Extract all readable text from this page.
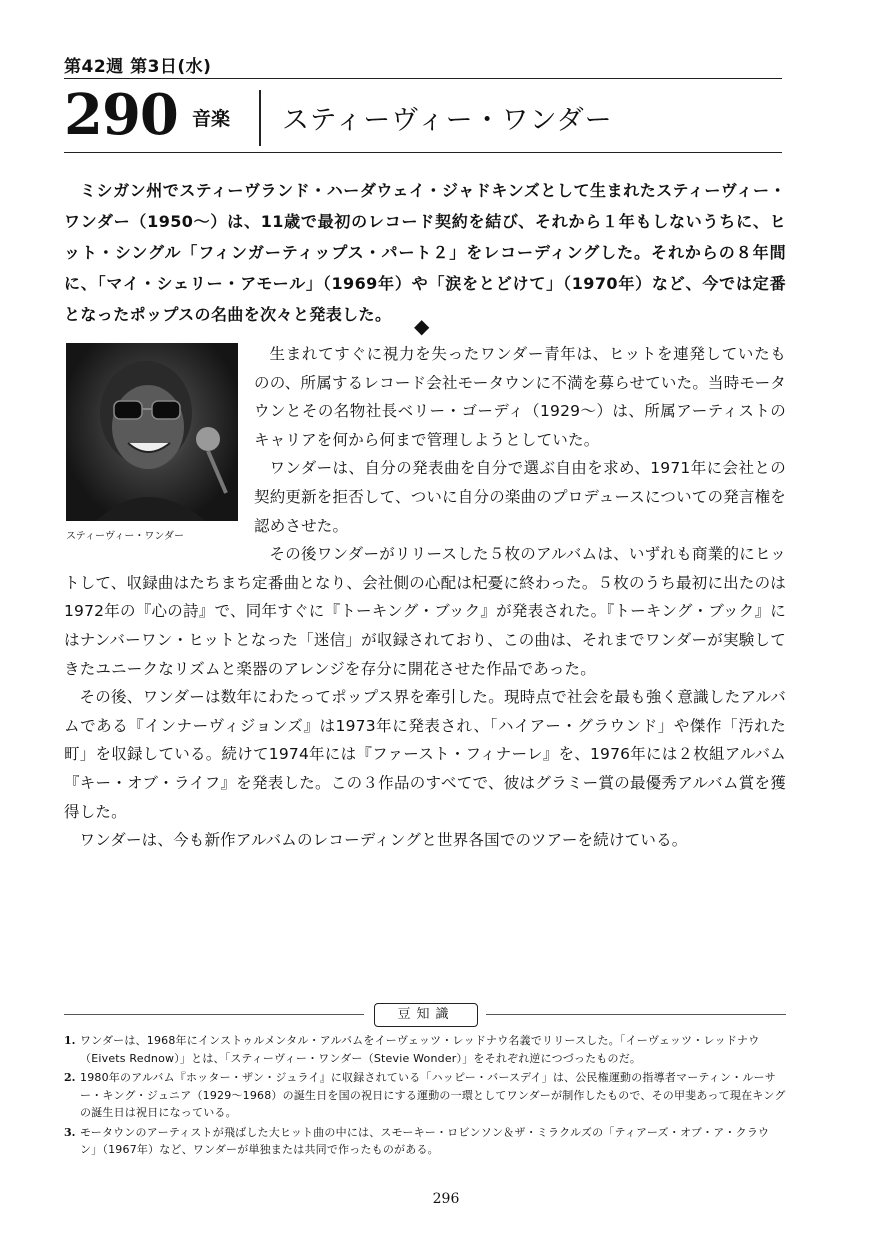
第42週 第3日(水)
290 音楽 スティーヴィー・ワンダー
ミシガン州でスティーヴランド・ハーダウェイ・ジャドキンズとして生まれたスティーヴィー・ワンダー（1950〜）は、11歳で最初のレコード契約を結び、それから１年もしないうちに、ヒット・シングル「フィンガーティップス・パート２」をレコーディングした。それからの８年間に、「マイ・シェリー・アモール」（1969年）や「涙をとどけて」（1970年）など、今では定番となったポップスの名曲を次々と発表した。	◆
スティーヴィー・ワンダー

生まれてすぐに視力を失ったワンダー青年は、ヒットを連発していたものの、所属するレコード会社モータウンに不満を募らせていた。当時モータウンとその名物社長ベリー・ゴーディ（1929〜）は、所属アーティストのキャリアを何から何まで管理しようとしていた。

ワンダーは、自分の発表曲を自分で選ぶ自由を求め、1971年に会社との契約更新を拒否して、ついに自分の楽曲のプロデュースについての発言権を認めさせた。

その後ワンダーがリリースした５枚のアルバムは、いずれも商業的にヒットして、収録曲はたちまち定番曲となり、会社側の心配は杞憂に終わった。５枚のうち最初に出たのは1972年の『心の詩』で、同年すぐに『トーキング・ブック』が発表された。『トーキング・ブック』にはナンバーワン・ヒットとなった「迷信」が収録されており、この曲は、それまでワンダーが実験してきたユニークなリズムと楽器のアレンジを存分に開花させた作品であった。

その後、ワンダーは数年にわたってポップス界を牽引した。現時点で社会を最も強く意識したアルバムである『インナーヴィジョンズ』は1973年に発表され、「ハイアー・グラウンド」や傑作「汚れた町」を収録している。続けて1974年には『ファースト・フィナーレ』を、1976年には２枚組アルバム『キー・オブ・ライフ』を発表した。この３作品のすべてで、彼はグラミー賞の最優秀アルバム賞を獲得した。

ワンダーは、今も新作アルバムのレコーディングと世界各国でのツアーを続けている。

豆知識
1. ワンダーは、1968年にインストゥルメンタル・アルバムをイーヴェッツ・レッドナウ名義でリリースした。「イーヴェッツ・レッドナウ（Eivets Rednow）」とは、「スティーヴィー・ワンダー（Stevie Wonder）」をそれぞれ逆につづったものだ。
2. 1980年のアルバム『ホッター・ザン・ジュライ』に収録されている「ハッピー・バースデイ」は、公民権運動の指導者マーティン・ルーサー・キング・ジュニア（1929〜1968）の誕生日を国の祝日にする運動の一環としてワンダーが制作したもので、その甲斐あって現在キングの誕生日は祝日になっている。
3. モータウンのアーティストが飛ばした大ヒット曲の中には、スモーキー・ロビンソン＆ザ・ミラクルズの「ティアーズ・オブ・ア・クラウン」（1967年）など、ワンダーが単独または共同で作ったものがある。
296
